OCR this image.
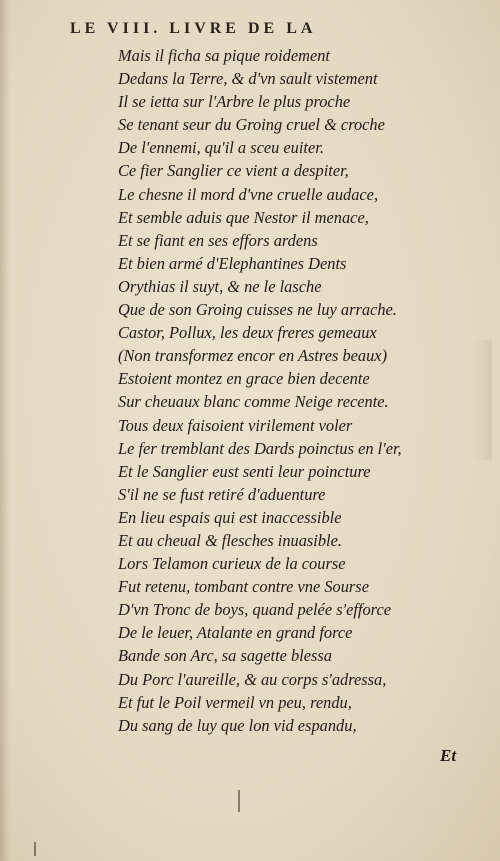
LE VIII. LIVRE DE LA
Mais il ficha sa pique roidement
Dedans la Terre, & d'vn sault vistement
Il se ietta sur l'Arbre le plus proche
Se tenant seur du Groing cruel & croche
De l'ennemi, qu'il a sceu euiter.
Ce fier Sanglier ce vient a despiter,
Le chesne il mord d'vne cruelle audace,
Et semble aduis que Nestor il menace,
Et se fiant en ses effors ardens
Et bien armé d'Elephantines Dents
Orythias il suyt, & ne le lasche
Que de son Groing cuisses ne luy arrache.
Castor, Pollux, les deux freres gemeaux
(Non transformez encor en Astres beaux)
Estoient montez en grace bien decente
Sur cheuaux blanc comme Neige recente.
Tous deux faisoient virilement voler
Le fer tremblant des Dards poinctus en l'er,
Et le Sanglier eust senti leur poincture
S'il ne se fust retiré d'aduenture
En lieu espais qui est inaccessible
Et au cheual & flesches inuasible.
Lors Telamon curieux de la course
Fut retenu, tombant contre vne Sourse
D'vn Tronc de boys, quand pelée s'efforce
De le leuer, Atalante en grand force
Bande son Arc, sa sagette blessa
Du Porc l'aureille, & au corps s'adressa,
Et fut le Poil vermeil vn peu, rendu,
Du sang de luy que lon vid espandu,
Et
